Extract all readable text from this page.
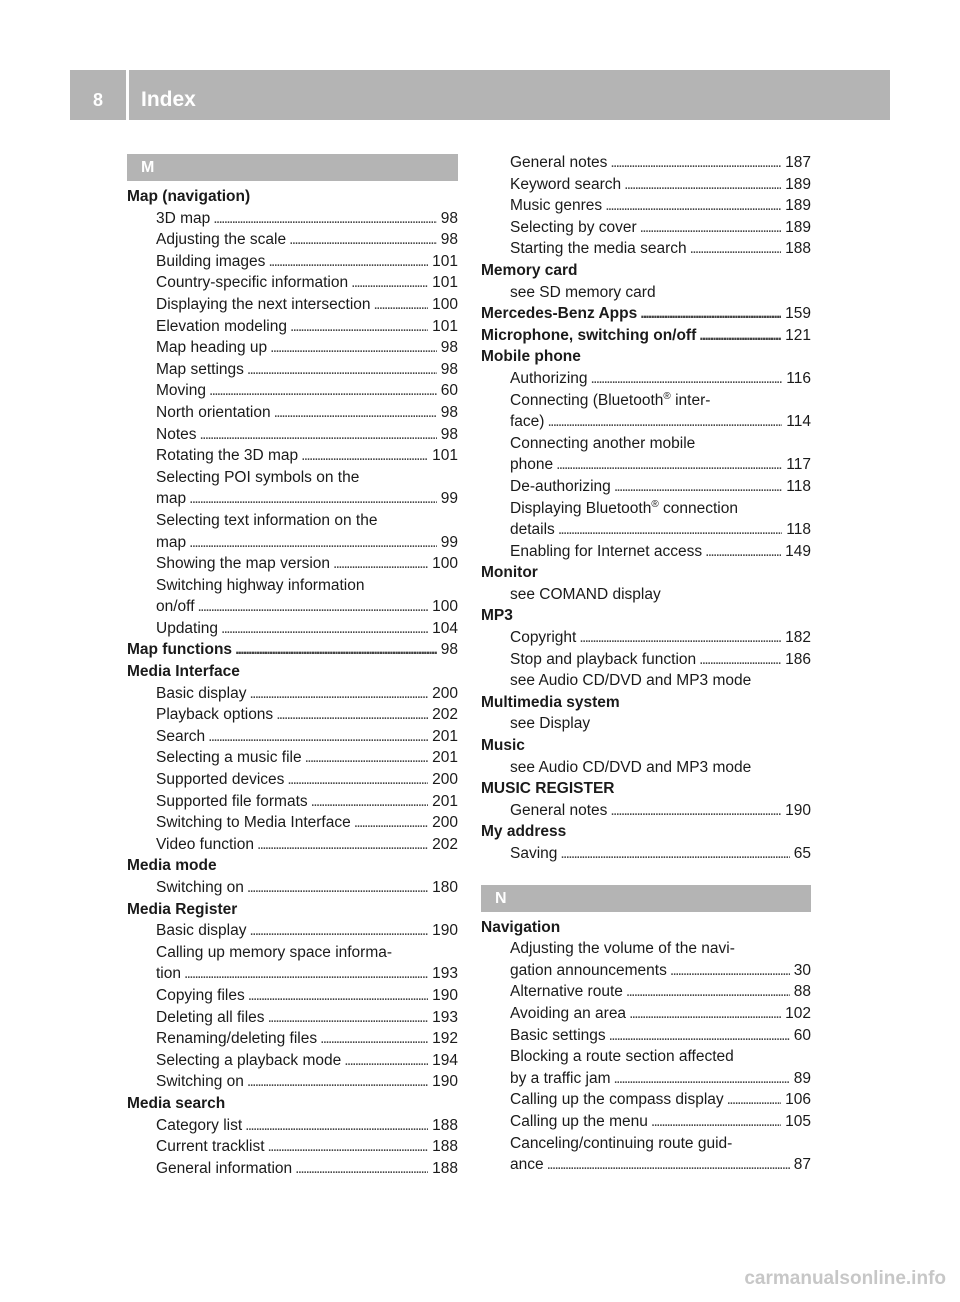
8	Index
M
Map (navigation)
3D map . . .	98
Adjusting the scale . . .	98
Building images . . .	101
Country-specific information . . .	101
Displaying the next intersection . . .	100
Elevation modeling . . .	101
Map heading up . . .	98
Map settings . . .	98
Moving . . .	60
North orientation . . .	98
Notes . . .	98
Rotating the 3D map . . .	101
Selecting POI symbols on the
map . . .	99
Selecting text information on the
map . . .	99
Showing the map version . . .	100
Switching highway information
on/off . . .	100
Updating . . .	104
Map functions . . .	98
Media Interface
Basic display . . .	200
Playback options . . .	202
Search . . .	201
Selecting a music file . . .	201
Supported devices . . .	200
Supported file formats . . .	201
Switching to Media Interface . . .	200
Video function . . .	202
Media mode
Switching on . . .	180
Media Register
Basic display . . .	190
Calling up memory space informa-
tion . . .	193
Copying files . . .	190
Deleting all files . . .	193
Renaming/deleting files . . .	192
Selecting a playback mode . . .	194
Switching on . . .	190
Media search
Category list . . .	188
Current tracklist . . .	188
General information . . .	188
General notes . . .	187
Keyword search . . .	189
Music genres . . .	189
Selecting by cover . . .	189
Starting the media search . . .	188
Memory card
see SD memory card
Mercedes-Benz Apps . . .	159
Microphone, switching on/off . . .	121
Mobile phone
Authorizing . . .	116
Connecting (Bluetooth® inter-
face) . . .	114
Connecting another mobile
phone . . .	117
De-authorizing . . .	118
Displaying Bluetooth® connection
details . . .	118
Enabling for Internet access . . .	149
Monitor
see COMAND display
MP3
Copyright . . .	182
Stop and playback function . . .	186
see Audio CD/DVD and MP3 mode
Multimedia system
see Display
Music
see Audio CD/DVD and MP3 mode
MUSIC REGISTER
General notes . . .	190
My address
Saving . . .	65
N
Navigation
Adjusting the volume of the navi-
gation announcements . . .	30
Alternative route . . .	88
Avoiding an area . . .	102
Basic settings . . .	60
Blocking a route section affected
by a traffic jam . . .	89
Calling up the compass display . . .	106
Calling up the menu . . .	105
Canceling/continuing route guid-
ance . . .	87
carmanualsonline.info
